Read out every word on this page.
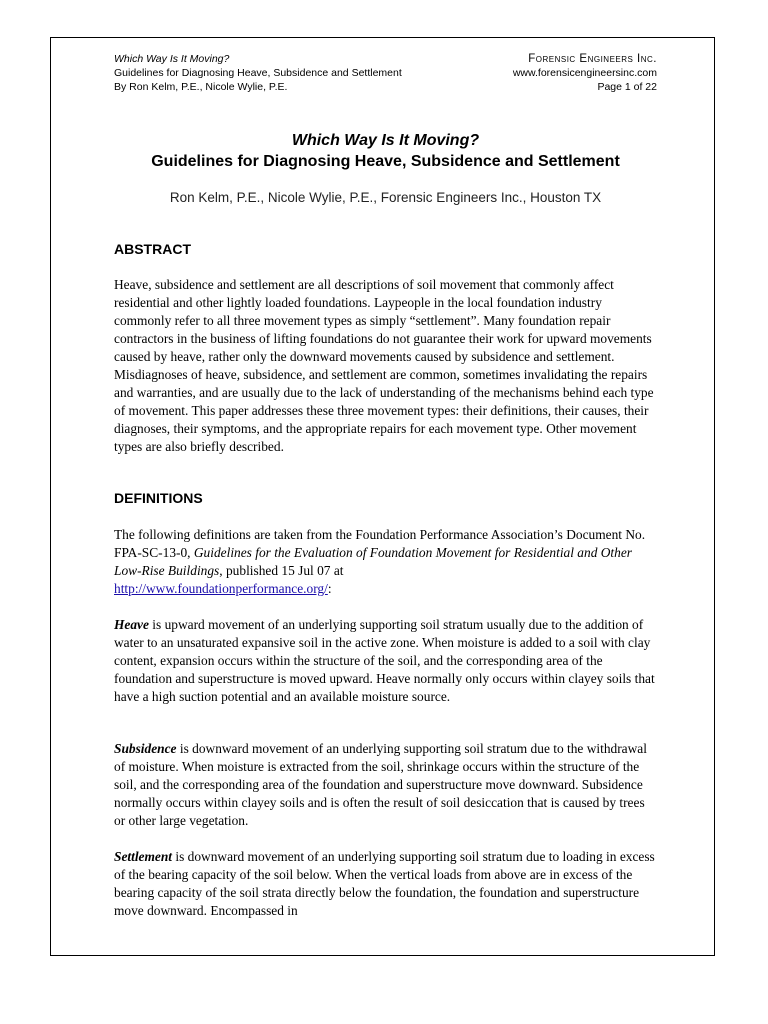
Which Way Is It Moving?	Forensic Engineers Inc.
Guidelines for Diagnosing Heave, Subsidence and Settlement	www.forensicengineersinc.com
By Ron Kelm, P.E., Nicole Wylie, P.E.	Page 1 of 22
Which Way Is It Moving?
Guidelines for Diagnosing Heave, Subsidence and Settlement
Ron Kelm, P.E., Nicole Wylie, P.E., Forensic Engineers Inc., Houston TX
ABSTRACT

Heave, subsidence and settlement are all descriptions of soil movement that commonly affect residential and other lightly loaded foundations. Laypeople in the local foundation industry commonly refer to all three movement types as simply “settlement”. Many foundation repair contractors in the business of lifting foundations do not guarantee their work for upward movements caused by heave, rather only the downward movements caused by subsidence and settlement. Misdiagnoses of heave, subsidence, and settlement are common, sometimes invalidating the repairs and warranties, and are usually due to the lack of understanding of the mechanisms behind each type of movement. This paper addresses these three movement types: their definitions, their causes, their diagnoses, their symptoms, and the appropriate repairs for each movement type. Other movement types are also briefly described.

DEFINITIONS

The following definitions are taken from the Foundation Performance Association’s Document No. FPA-SC-13-0, Guidelines for the Evaluation of Foundation Movement for Residential and Other Low-Rise Buildings, published 15 Jul 07 at
http://www.foundationperformance.org/:

Heave is upward movement of an underlying supporting soil stratum usually due to the addition of water to an unsaturated expansive soil in the active zone. When moisture is added to a soil with clay content, expansion occurs within the structure of the soil, and the corresponding area of the foundation and superstructure is moved upward. Heave normally only occurs within clayey soils that have a high suction potential and an available moisture source.

Subsidence is downward movement of an underlying supporting soil stratum due to the withdrawal of moisture. When moisture is extracted from the soil, shrinkage occurs within the structure of the soil, and the corresponding area of the foundation and superstructure move downward. Subsidence normally occurs within clayey soils and is often the result of soil desiccation that is caused by trees or other large vegetation.

Settlement is downward movement of an underlying supporting soil stratum due to loading in excess of the bearing capacity of the soil below. When the vertical loads from above are in excess of the bearing capacity of the soil strata directly below the foundation, the foundation and superstructure move downward. Encompassed in
